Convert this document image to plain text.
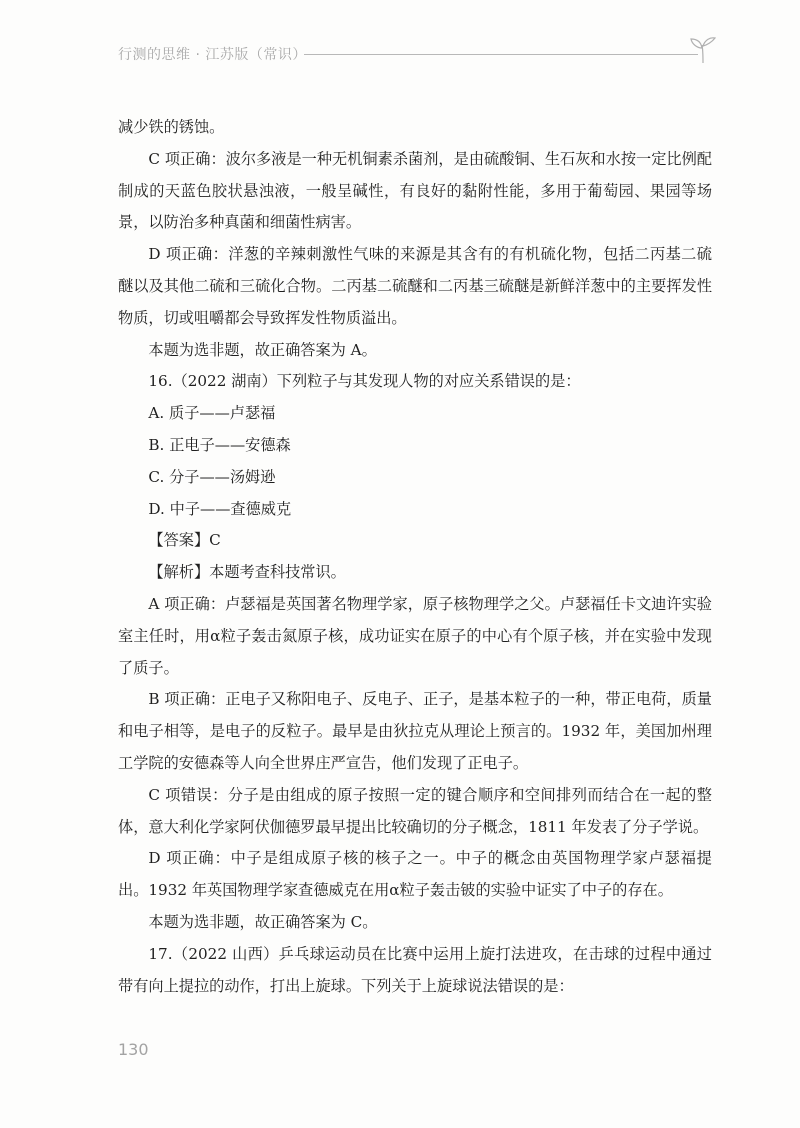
行测的思维 · 江苏版（常识）

减少铁的锈蚀。

C 项正确：波尔多液是一种无机铜素杀菌剂，是由硫酸铜、生石灰和水按一定比例配制成的天蓝色胶状悬浊液，一般呈碱性，有良好的黏附性能，多用于葡萄园、果园等场景，以防治多种真菌和细菌性病害。

D 项正确：洋葱的辛辣刺激性气味的来源是其含有的有机硫化物，包括二丙基二硫醚以及其他二硫和三硫化合物。二丙基二硫醚和二丙基三硫醚是新鲜洋葱中的主要挥发性物质，切或咀嚼都会导致挥发性物质溢出。

本题为选非题，故正确答案为 A。

16.（2022 湖南）下列粒子与其发现人物的对应关系错误的是：

A. 质子——卢瑟福

B. 正电子——安德森

C. 分子——汤姆逊

D. 中子——查德威克

【答案】C

【解析】本题考查科技常识。

A 项正确：卢瑟福是英国著名物理学家，原子核物理学之父。卢瑟福任卡文迪许实验室主任时，用α粒子轰击氮原子核，成功证实在原子的中心有个原子核，并在实验中发现了质子。

B 项正确：正电子又称阳电子、反电子、正子，是基本粒子的一种，带正电荷，质量和电子相等，是电子的反粒子。最早是由狄拉克从理论上预言的。1932 年，美国加州理工学院的安德森等人向全世界庄严宣告，他们发现了正电子。

C 项错误：分子是由组成的原子按照一定的键合顺序和空间排列而结合在一起的整体，意大利化学家阿伏伽德罗最早提出比较确切的分子概念，1811 年发表了分子学说。

D 项正确：中子是组成原子核的核子之一。中子的概念由英国物理学家卢瑟福提出。1932 年英国物理学家查德威克在用α粒子轰击铍的实验中证实了中子的存在。

本题为选非题，故正确答案为 C。

17.（2022 山西）乒乓球运动员在比赛中运用上旋打法进攻，在击球的过程中通过带有向上提拉的动作，打出上旋球。下列关于上旋球说法错误的是：

130
